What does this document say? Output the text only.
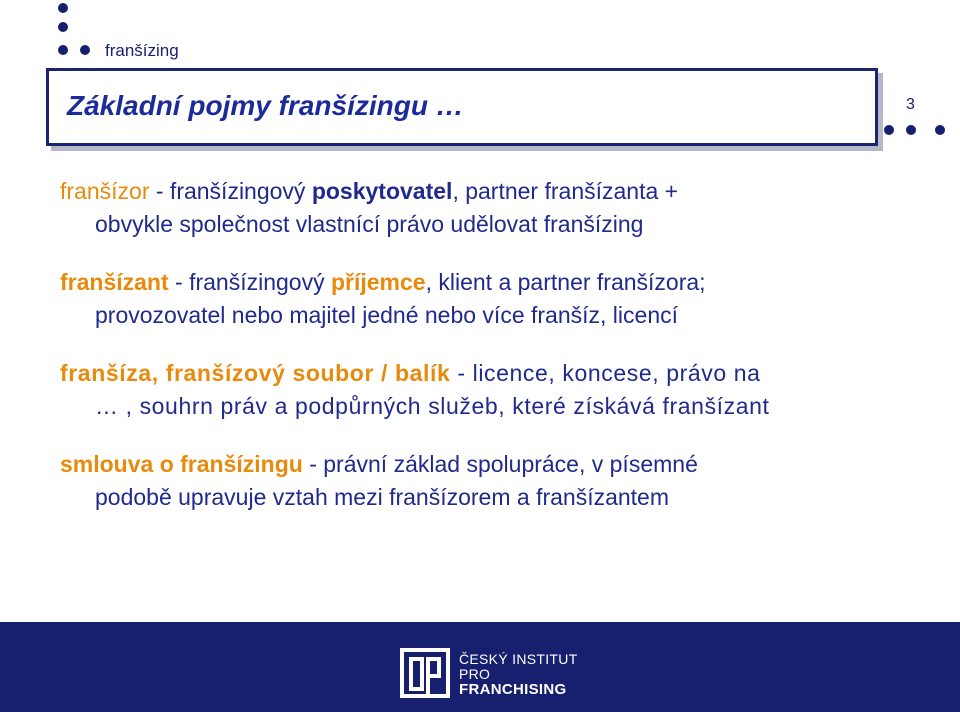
franšízing
Základní pojmy franšízingu …	3

franšízor - franšízingový poskytovatel, partner franšízanta +
obvykle společnost vlastnící právo udělovat franšízing

franšízant - franšízingový příjemce, klient a partner franšízora;
provozovatel nebo majitel jedné nebo více franšíz, licencí

franšíza, franšízový soubor / balík - licence, koncese, právo na
… , souhrn práv a podpůrných služeb, které získává franšízant

smlouva o franšízingu - právní základ spolupráce, v písemné
podobě upravuje vztah mezi franšízorem a franšízantem

ČESKÝ INSTITUT
PRO
FRANCHISING
